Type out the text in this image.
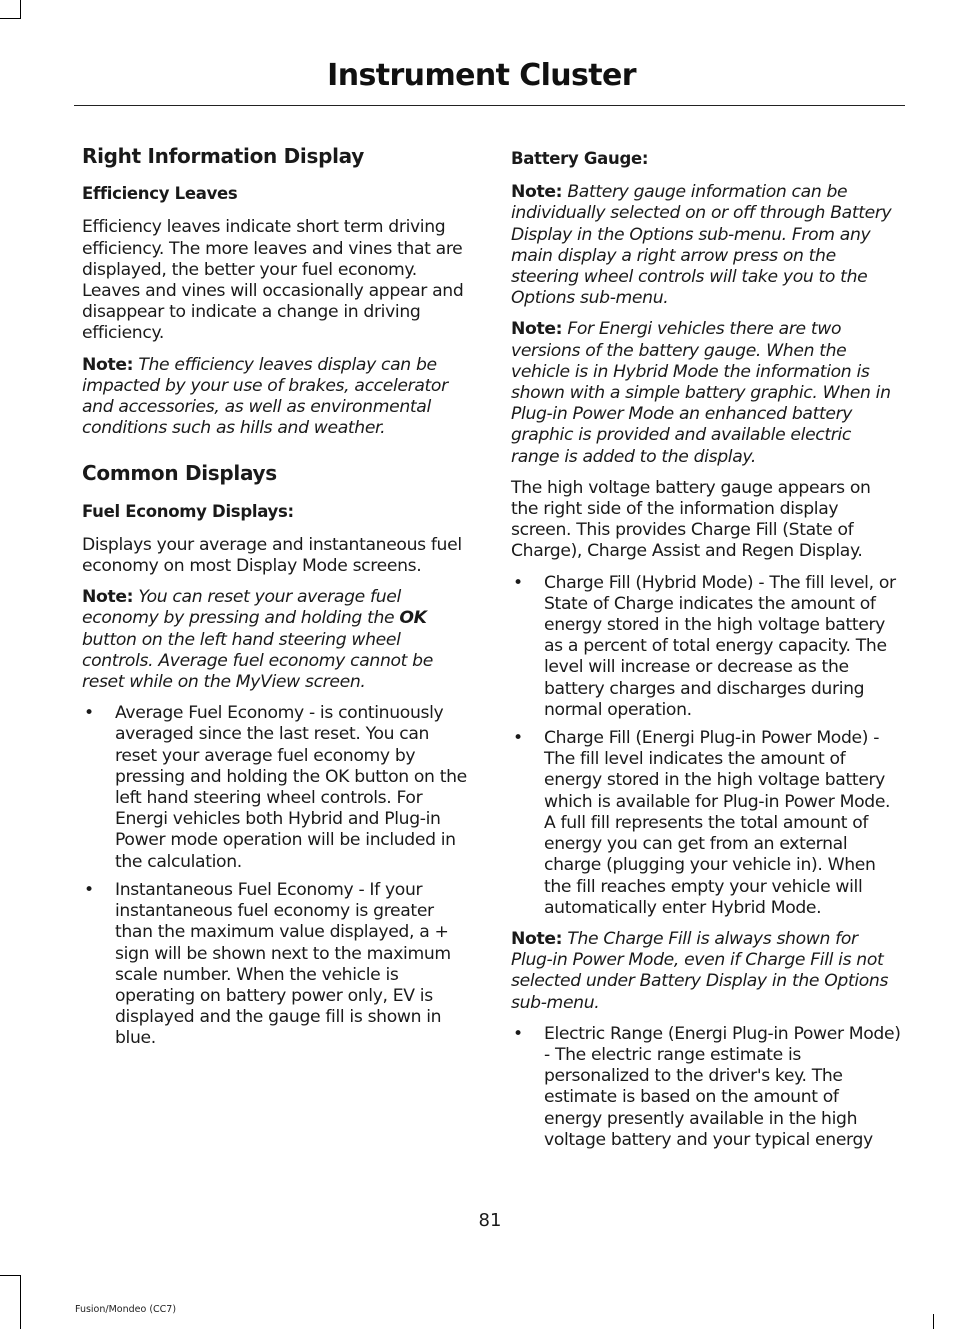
Instrument Cluster
Right Information Display
Efficiency Leaves

Efficiency leaves indicate short term driving efficiency. The more leaves and vines that are displayed, the better your fuel economy. Leaves and vines will occasionally appear and disappear to indicate a change in driving efficiency.

Note: The efficiency leaves display can be impacted by your use of brakes, accelerator and accessories, as well as environmental conditions such as hills and weather.

Common Displays
Fuel Economy Displays:

Displays your average and instantaneous fuel economy on most Display Mode screens.

Note: You can reset your average fuel economy by pressing and holding the OK button on the left hand steering wheel controls. Average fuel economy cannot be reset while on the MyView screen.

• Average Fuel Economy - is continuously averaged since the last reset. You can reset your average fuel economy by pressing and holding the OK button on the left hand steering wheel controls. For Energi vehicles both Hybrid and Plug-in Power mode operation will be included in the calculation.
• Instantaneous Fuel Economy - If your instantaneous fuel economy is greater than the maximum value displayed, a + sign will be shown next to the maximum scale number. When the vehicle is operating on battery power only, EV is displayed and the gauge fill is shown in blue.
Battery Gauge:

Note: Battery gauge information can be individually selected on or off through Battery Display in the Options sub-menu. From any main display a right arrow press on the steering wheel controls will take you to the Options sub-menu.

Note: For Energi vehicles there are two versions of the battery gauge. When the vehicle is in Hybrid Mode the information is shown with a simple battery graphic. When in Plug-in Power Mode an enhanced battery graphic is provided and available electric range is added to the display.

The high voltage battery gauge appears on the right side of the information display screen. This provides Charge Fill (State of Charge), Charge Assist and Regen Display.

• Charge Fill (Hybrid Mode) - The fill level, or State of Charge indicates the amount of energy stored in the high voltage battery as a percent of total energy capacity. The level will increase or decrease as the battery charges and discharges during normal operation.
• Charge Fill (Energi Plug-in Power Mode) - The fill level indicates the amount of energy stored in the high voltage battery which is available for Plug-in Power Mode. A full fill represents the total amount of energy you can get from an external charge (plugging your vehicle in). When the fill reaches empty your vehicle will automatically enter Hybrid Mode.

Note: The Charge Fill is always shown for Plug-in Power Mode, even if Charge Fill is not selected under Battery Display in the Options sub-menu.

• Electric Range (Energi Plug-in Power Mode) - The electric range estimate is personalized to the driver's key. The estimate is based on the amount of energy presently available in the high voltage battery and your typical energy
81
Fusion/Mondeo (CC7)
